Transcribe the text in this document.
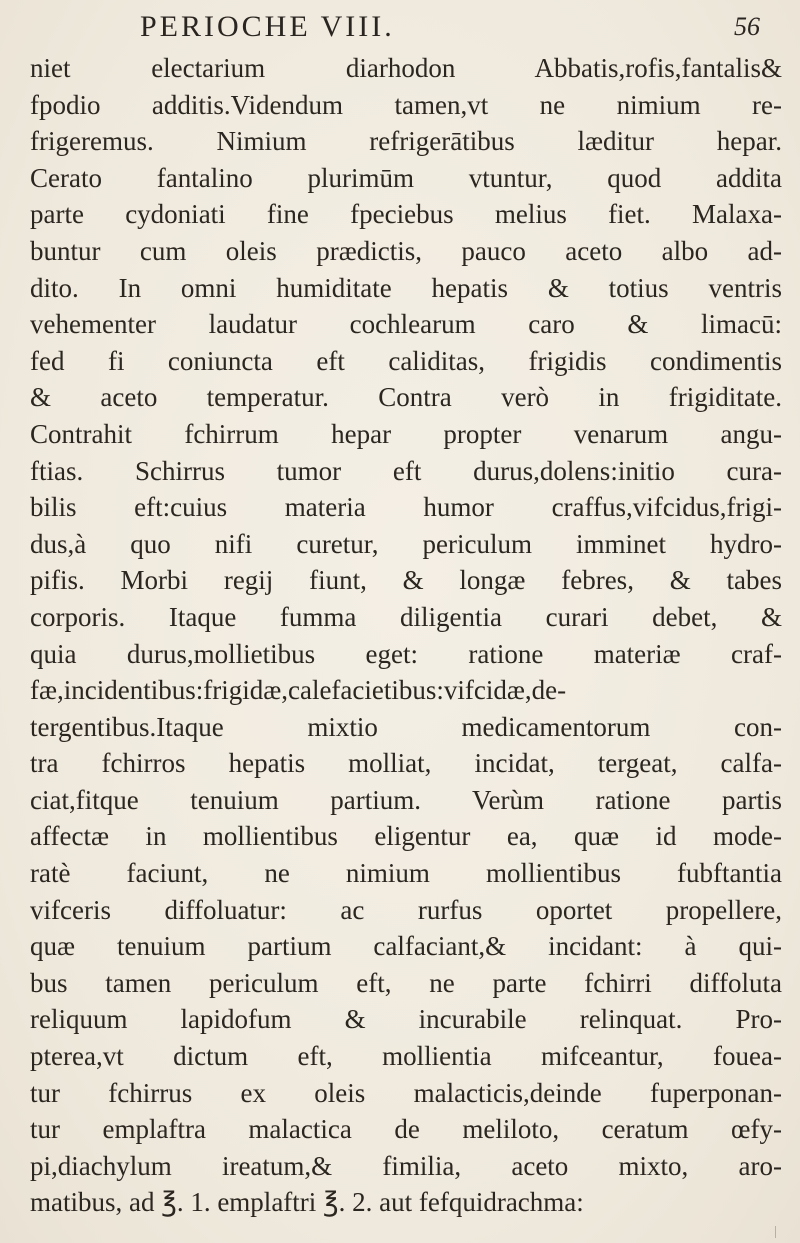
PERIOCHE VIII.	56
niet electarium diarhodon Abbatis,rofis,fantalis&
fpodio additis.Videndum tamen,vt ne nimium re-
frigeremus. Nimium refrigerātibus læditur hepar.
Cerato fantalino plurimūm vtuntur, quod addita
parte cydoniati fine fpeciebus melius fiet. Malaxa-
buntur cum oleis prædictis, pauco aceto albo ad-
dito. In omni humiditate hepatis & totius ventris
vehementer laudatur cochlearum caro & limacū:
fed fi coniuncta eft caliditas, frigidis condimentis
& aceto temperatur. Contra verò in frigiditate.
Contrahit fchirrum hepar propter venarum angu-
ftias. Schirrus tumor eft durus,dolens:initio cura-
bilis eft:cuius materia humor craffus,vifcidus,frigi-
dus,à quo nifi curetur, periculum imminet hydro-
pifis. Morbi regij fiunt, & longæ febres, & tabes
corporis. Itaque fumma diligentia curari debet, &
quia durus,mollietibus eget: ratione materiæ craf-
fæ,incidentibus:frigidæ,calefacietibus:vifcidæ,de-
tergentibus.Itaque mixtio medicamentorum con-
tra fchirros hepatis molliat, incidat, tergeat, calfa-
ciat,fitque tenuium partium. Verùm ratione partis
affectæ in mollientibus eligentur ea, quæ id mode-
ratè faciunt, ne nimium mollientibus fubftantia
vifceris diffoluatur: ac rurfus oportet propellere,
quæ tenuium partium calfaciant,& incidant: à qui-
bus tamen periculum eft, ne parte fchirri diffoluta
reliquum lapidofum & incurabile relinquat. Pro-
pterea,vt dictum eft, mollientia mifceantur, fouea-
tur fchirrus ex oleis malacticis,deinde fuperponan-
tur emplaftra malactica de meliloto, ceratum œfy-
pi,diachylum ireatum,& fimilia, aceto mixto, aro-
matibus, ad ℥. 1. emplaftri ℥. 2. aut fefquidrachma:
